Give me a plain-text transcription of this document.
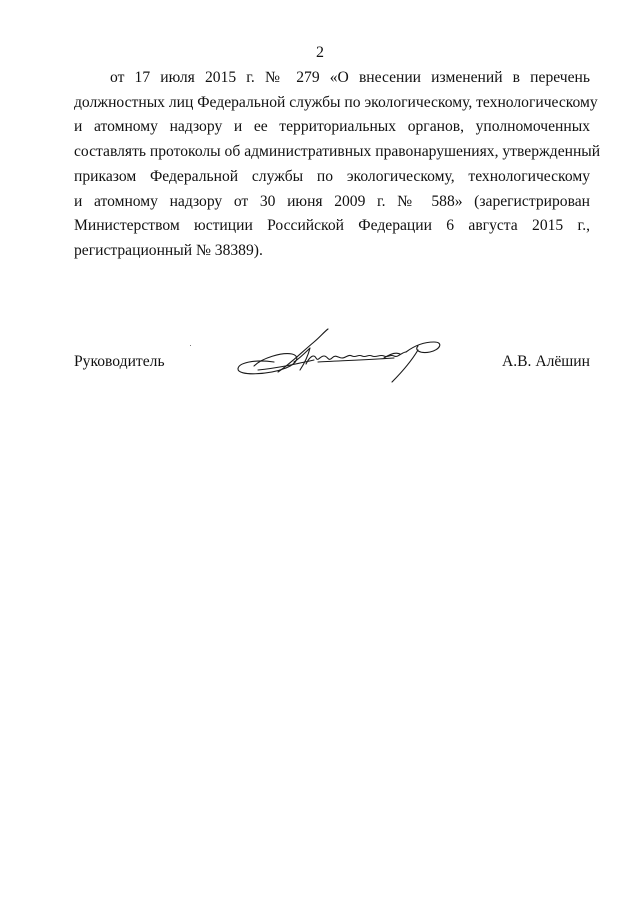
2
от 17 июля 2015 г. № 279 «О внесении изменений в перечень
должностных лиц Федеральной службы по экологическому, технологическому
и атомному надзору и ее территориальных органов, уполномоченных
составлять протоколы об административных правонарушениях, утвержденный
приказом Федеральной службы по экологическому, технологическому
и атомному надзору от 30 июня 2009 г. № 588» (зарегистрирован
Министерством юстиции Российской Федерации 6 августа 2015 г.,
регистрационный № 38389).
Руководитель	А.В. Алёшин
